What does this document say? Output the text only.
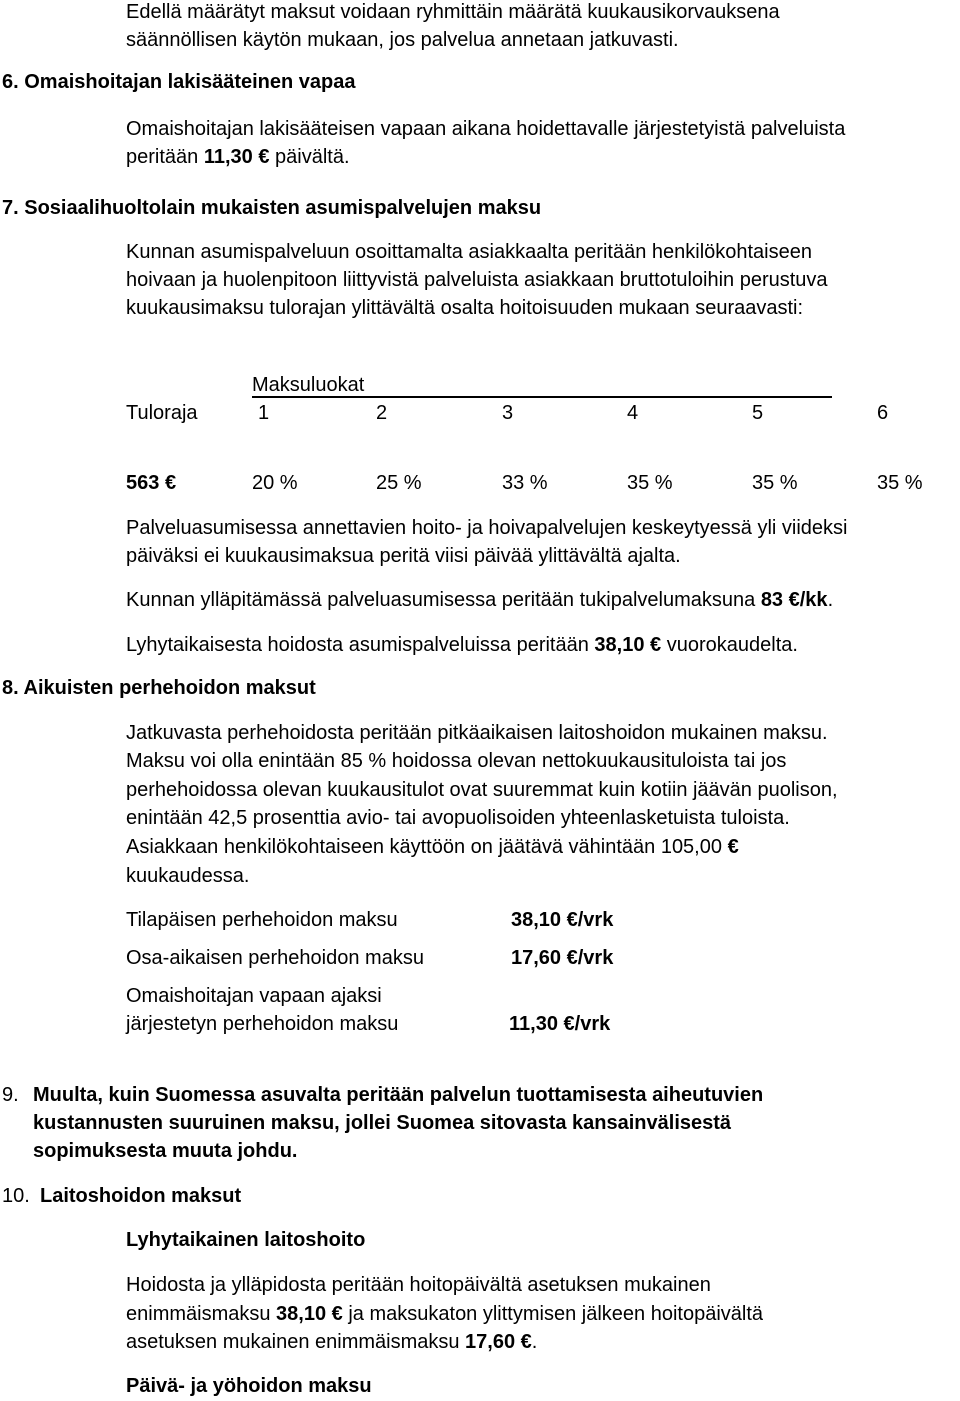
Edellä määrätyt maksut voidaan ryhmittäin määrätä kuukausikorvauksena
säännöllisen käytön mukaan, jos palvelua annetaan jatkuvasti.
6. Omaishoitajan lakisääteinen vapaa
Omaishoitajan lakisääteisen vapaan aikana hoidettavalle järjestetyistä palveluista
peritään 11,30 € päivältä.
7. Sosiaalihuoltolain mukaisten asumispalvelujen maksu
Kunnan asumispalveluun osoittamalta asiakkaalta peritään henkilökohtaiseen
hoivaan ja huolenpitoon liittyvistä palveluista asiakkaan bruttotuloihin perustuva
kuukausimaksu tulorajan ylittävältä osalta hoitoisuuden mukaan seuraavasti:
Maksuluokat
Tuloraja	1	2	3	4	5	6
563 €	20 %	25 %	33 %	35 %	35 %	35 %
Palveluasumisessa annettavien hoito- ja hoivapalvelujen keskeytyessä yli viideksi
päiväksi ei kuukausimaksua peritä viisi päivää ylittävältä ajalta.
Kunnan ylläpitämässä palveluasumisessa peritään tukipalvelumaksuna 83 €/kk.
Lyhytaikaisesta hoidosta asumispalveluissa peritään 38,10 € vuorokaudelta.
8. Aikuisten perhehoidon maksut
Jatkuvasta perhehoidosta peritään pitkäaikaisen laitoshoidon mukainen maksu.
Maksu voi olla enintään 85 % hoidossa olevan nettokuukausituloista tai jos
perhehoidossa olevan kuukausitulot ovat suuremmat kuin kotiin jäävän puolison,
enintään 42,5 prosenttia avio- tai avopuolisoiden yhteenlasketuista tuloista.
Asiakkaan henkilökohtaiseen käyttöön on jäätävä vähintään 105,00 €
kuukaudessa.
Tilapäisen perhehoidon maksu	38,10 €/vrk
Osa-aikaisen perhehoidon maksu	17,60 €/vrk
Omaishoitajan vapaan ajaksi
järjestetyn perhehoidon maksu	11,30 €/vrk
9. Muulta, kuin Suomessa asuvalta peritään palvelun tuottamisesta aiheutuvien
kustannusten suuruinen maksu, jollei Suomea sitovasta kansainvälisestä
sopimuksesta muuta johdu.
10. Laitoshoidon maksut
Lyhytaikainen laitoshoito
Hoidosta ja ylläpidosta peritään hoitopäivältä asetuksen mukainen
enimmäismaksu 38,10 € ja maksukaton ylittymisen jälkeen hoitopäivältä
asetuksen mukainen enimmäismaksu 17,60 €.
Päivä- ja yöhoidon maksu
